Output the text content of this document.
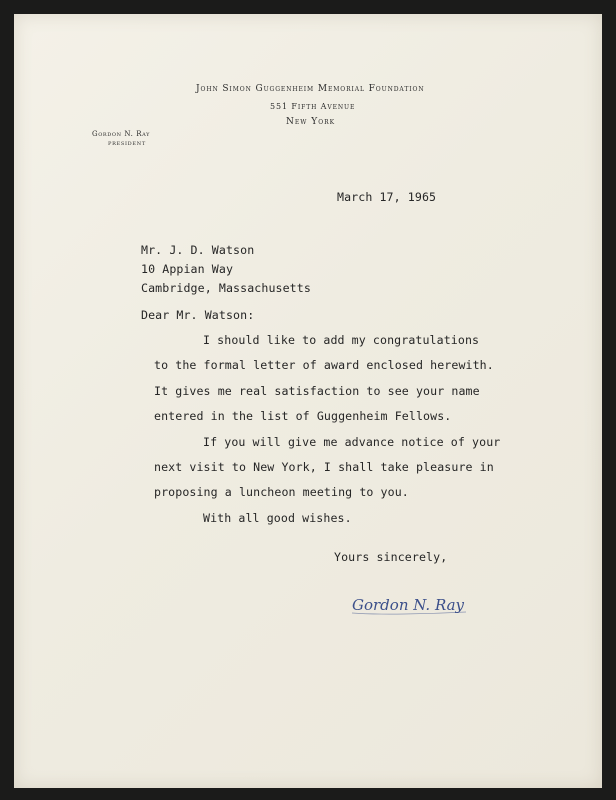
John Simon Guggenheim Memorial Foundation
551 Fifth Avenue
New York
Gordon N. Ray
PRESIDENT
March 17, 1965
Mr. J. D. Watson
10 Appian Way
Cambridge, Massachusetts
Dear Mr. Watson:
I should like to add my congratulations
to the formal letter of award enclosed herewith.
It gives me real satisfaction to see your name
entered in the list of Guggenheim Fellows.
If you will give me advance notice of your
next visit to New York, I shall take pleasure in
proposing a luncheon meeting to you.
With all good wishes.
Yours sincerely,
Gordon N. Ray
